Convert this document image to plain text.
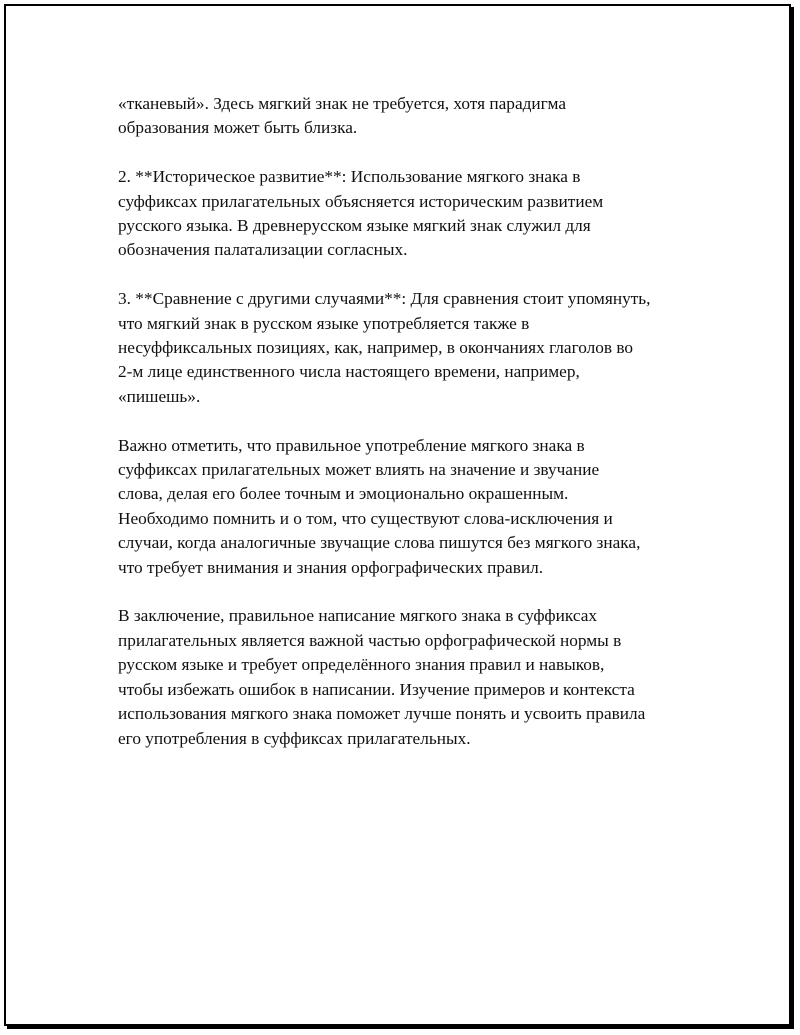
«тканевый». Здесь мягкий знак не требуется, хотя парадигма
образования может быть близка.

2. **Историческое развитие**: Использование мягкого знака в
суффиксах прилагательных объясняется историческим развитием
русского языка. В древнерусском языке мягкий знак служил для
обозначения палатализации согласных.

3. **Сравнение с другими случаями**: Для сравнения стоит упомянуть,
что мягкий знак в русском языке употребляется также в
несуффиксальных позициях, как, например, в окончаниях глаголов во
2-м лице единственного числа настоящего времени, например,
«пишешь».

Важно отметить, что правильное употребление мягкого знака в
суффиксах прилагательных может влиять на значение и звучание
слова, делая его более точным и эмоционально окрашенным.
Необходимо помнить и о том, что существуют слова-исключения и
случаи, когда аналогичные звучащие слова пишутся без мягкого знака,
что требует внимания и знания орфографических правил.

В заключение, правильное написание мягкого знака в суффиксах
прилагательных является важной частью орфографической нормы в
русском языке и требует определённого знания правил и навыков,
чтобы избежать ошибок в написании. Изучение примеров и контекста
использования мягкого знака поможет лучше понять и усвоить правила
его употребления в суффиксах прилагательных.
